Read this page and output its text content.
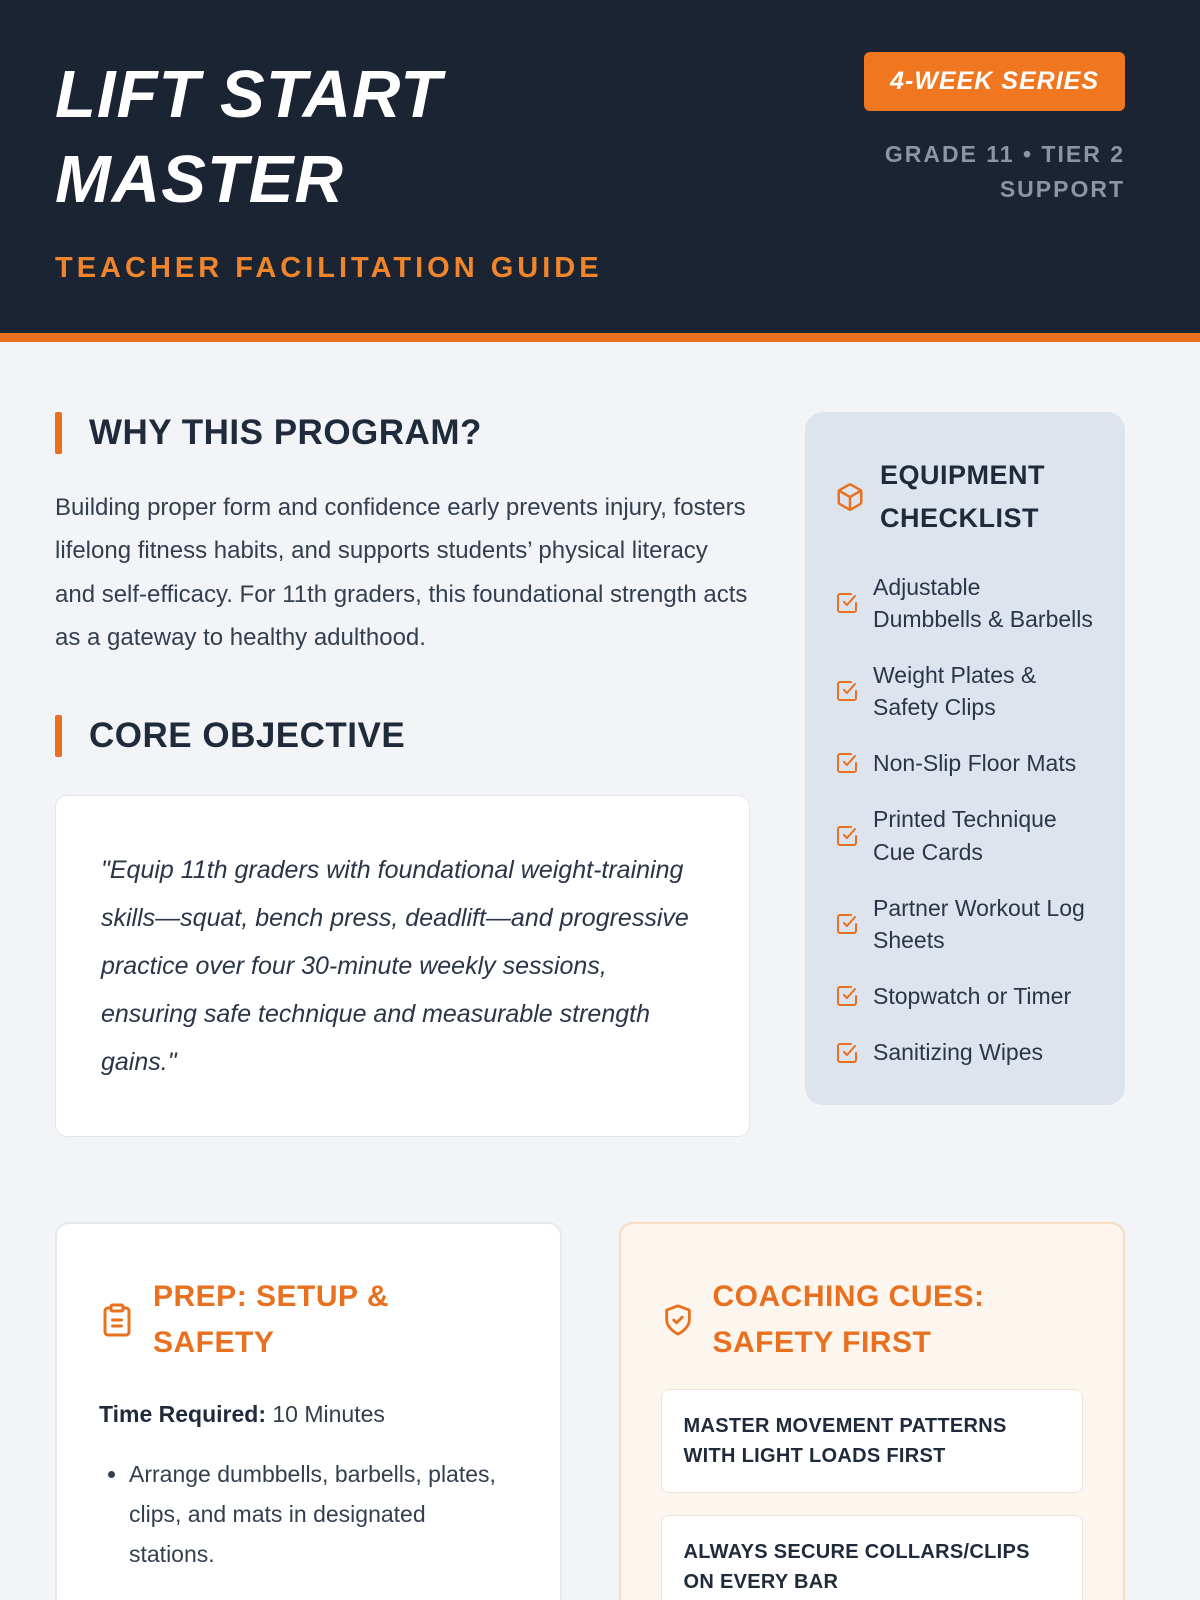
LIFT START
MASTER
TEACHER FACILITATION GUIDE
4-WEEK SERIES
GRADE 11 • TIER 2 SUPPORT
WHY THIS PROGRAM?

Building proper form and confidence early prevents injury, fosters lifelong fitness habits, and supports students’ physical literacy and self-efficacy. For 11th graders, this foundational strength acts as a gateway to healthy adulthood.

CORE OBJECTIVE

"Equip 11th graders with foundational weight-training skills—squat, bench press, deadlift—and progressive practice over four 30-minute weekly sessions, ensuring safe technique and measurable strength gains."

EQUIPMENT CHECKLIST
Adjustable Dumbbells & Barbells
Weight Plates & Safety Clips
Non-Slip Floor Mats
Printed Technique Cue Cards
Partner Workout Log Sheets
Stopwatch or Timer
Sanitizing Wipes
PREP: SETUP & SAFETY

Time Required: 10 Minutes

• Arrange dumbbells, barbells, plates, clips, and mats in designated stations.
COACHING CUES: SAFETY FIRST
MASTER MOVEMENT PATTERNS WITH LIGHT LOADS FIRST
ALWAYS SECURE COLLARS/CLIPS ON EVERY BAR
